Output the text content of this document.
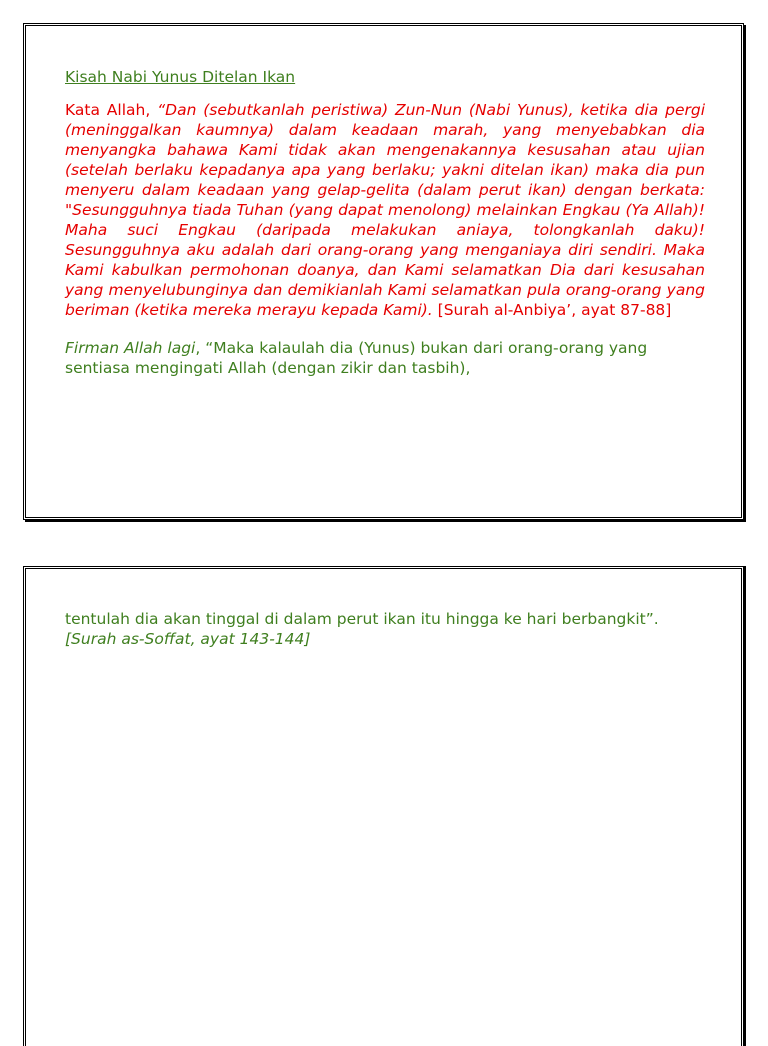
Kisah Nabi Yunus Ditelan Ikan

Kata Allah, “Dan (sebutkanlah peristiwa) Zun-Nun (Nabi Yunus), ketika dia pergi (meninggalkan kaumnya) dalam keadaan marah, yang menyebabkan dia menyangka bahawa Kami tidak akan mengenakannya kesusahan atau ujian (setelah berlaku kepadanya apa yang berlaku; yakni ditelan ikan) maka dia pun menyeru dalam keadaan yang gelap-gelita (dalam perut ikan) dengan berkata: "Sesungguhnya tiada Tuhan (yang dapat menolong) melainkan Engkau (Ya Allah)! Maha suci Engkau (daripada melakukan aniaya, tolongkanlah daku)! Sesungguhnya aku adalah dari orang-orang yang menganiaya diri sendiri. Maka Kami kabulkan permohonan doanya, dan Kami selamatkan Dia dari kesusahan yang menyelubunginya dan demikianlah Kami selamatkan pula orang-orang yang beriman (ketika mereka merayu kepada Kami). [Surah al-Anbiya’, ayat 87-88]

Firman Allah lagi, “Maka kalaulah dia (Yunus) bukan dari orang-orang yang sentiasa mengingati Allah (dengan zikir dan tasbih),

tentulah dia akan tinggal di dalam perut ikan itu hingga ke hari berbangkit”. [Surah as-Soffat, ayat 143-144]
